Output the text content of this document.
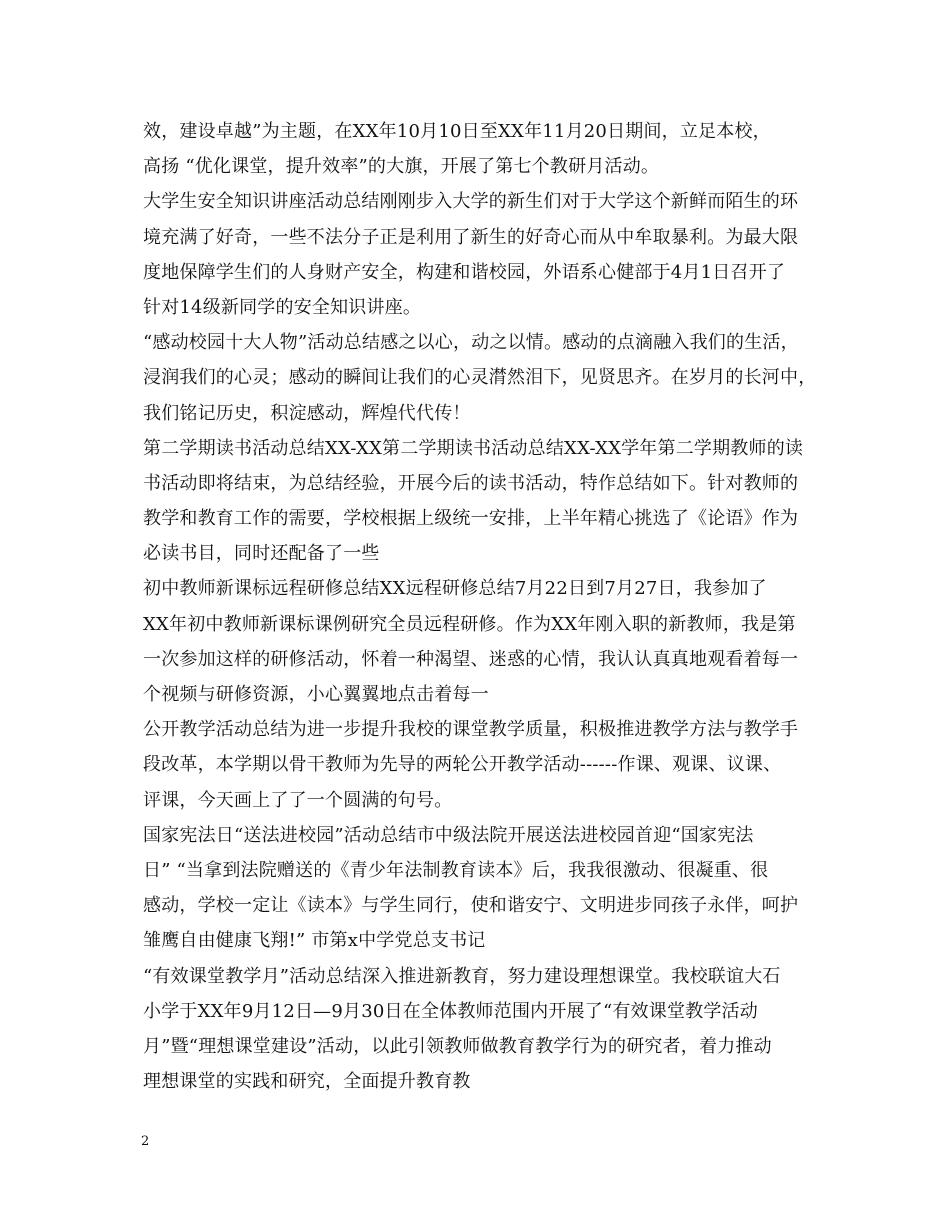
效，建设卓越”为主题，在XX年10月10日至XX年11月20日期间，立足本校，
高扬 “优化课堂，提升效率”的大旗，开展了第七个教研月活动。
大学生安全知识讲座活动总结刚刚步入大学的新生们对于大学这个新鲜而陌生的环
境充满了好奇，一些不法分子正是利用了新生的好奇心而从中牟取暴利。为最大限
度地保障学生们的人身财产安全，构建和谐校园，外语系心健部于4月1日召开了
针对14级新同学的安全知识讲座。
“感动校园十大人物”活动总结感之以心，动之以情。感动的点滴融入我们的生活，
浸润我们的心灵；感动的瞬间让我们的心灵潸然泪下，见贤思齐。在岁月的长河中，
我们铭记历史，积淀感动，辉煌代代传！
第二学期读书活动总结XX-XX第二学期读书活动总结XX-XX学年第二学期教师的读
书活动即将结束，为总结经验，开展今后的读书活动，特作总结如下。针对教师的
教学和教育工作的需要，学校根据上级统一安排，上半年精心挑选了《论语》作为
必读书目，同时还配备了一些
初中教师新课标远程研修总结XX远程研修总结7月22日到7月27日，我参加了
XX年初中教师新课标课例研究全员远程研修。作为XX年刚入职的新教师，我是第
一次参加这样的研修活动，怀着一种渴望、迷惑的心情，我认认真真地观看着每一
个视频与研修资源，小心翼翼地点击着每一
公开教学活动总结为进一步提升我校的课堂教学质量，积极推进教学方法与教学手
段改革，本学期以骨干教师为先导的两轮公开教学活动------作课、观课、议课、
评课，今天画上了了一个圆满的句号。
国家宪法日“送法进校园”活动总结市中级法院开展送法进校园首迎“国家宪法
日” “当拿到法院赠送的《青少年法制教育读本》后，我我很激动、很凝重、很
感动，学校一定让《读本》与学生同行，使和谐安宁、文明进步同孩子永伴，呵护
雏鹰自由健康飞翔!” 市第x中学党总支书记
“有效课堂教学月”活动总结深入推进新教育，努力建设理想课堂。我校联谊大石
小学于XX年9月12日—9月30日在全体教师范围内开展了“有效课堂教学活动
月”暨“理想课堂建设”活动，以此引领教师做教育教学行为的研究者，着力推动
理想课堂的实践和研究，全面提升教育教
2
